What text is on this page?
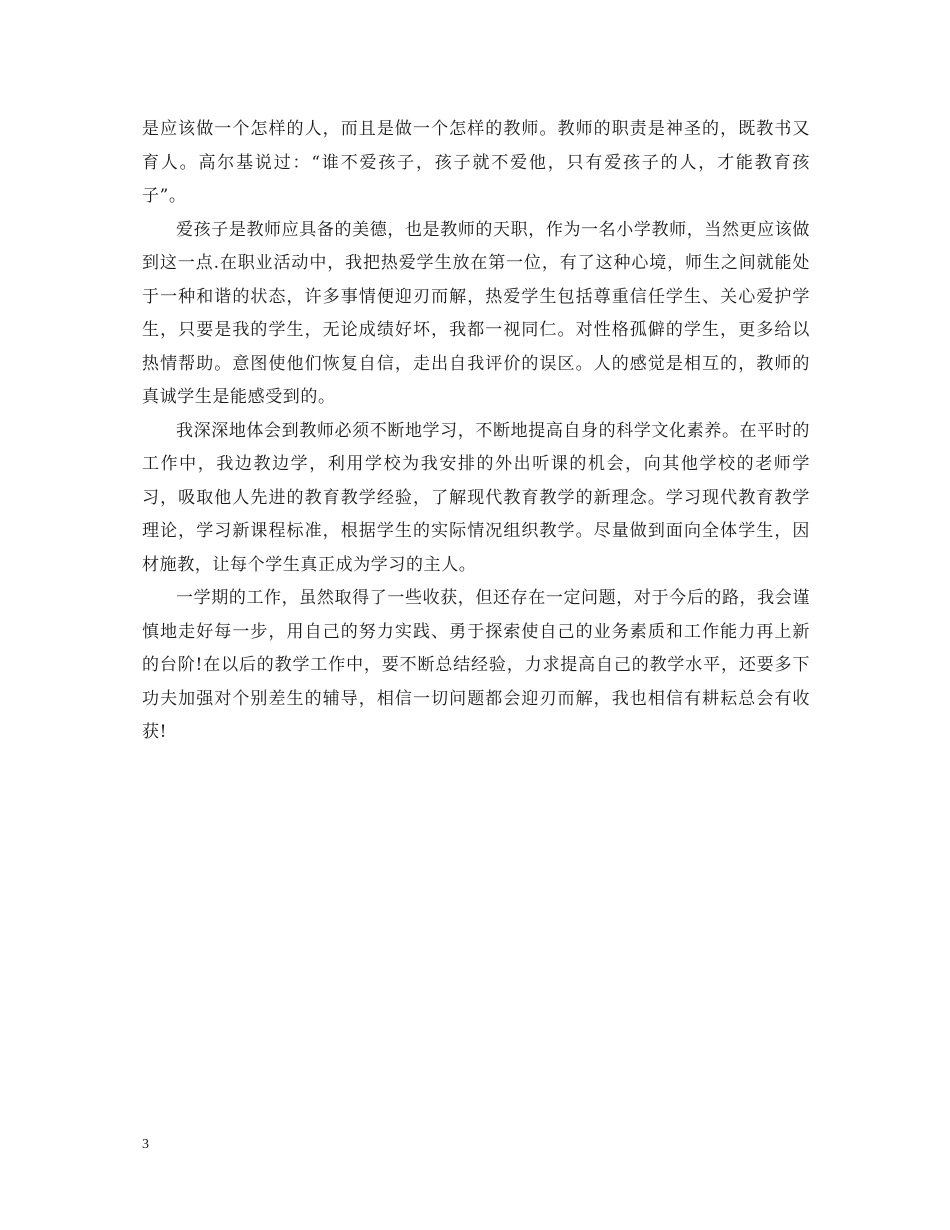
是应该做一个怎样的人，而且是做一个怎样的教师。教师的职责是神圣的，既教书又育人。高尔基说过：“谁不爱孩子，孩子就不爱他，只有爱孩子的人，才能教育孩子”。

爱孩子是教师应具备的美德，也是教师的天职，作为一名小学教师，当然更应该做到这一点.在职业活动中，我把热爱学生放在第一位，有了这种心境，师生之间就能处于一种和谐的状态，许多事情便迎刃而解，热爱学生包括尊重信任学生、关心爱护学生，只要是我的学生，无论成绩好坏，我都一视同仁。对性格孤僻的学生，更多给以热情帮助。意图使他们恢复自信，走出自我评价的误区。人的感觉是相互的，教师的真诚学生是能感受到的。

我深深地体会到教师必须不断地学习，不断地提高自身的科学文化素养。在平时的工作中，我边教边学，利用学校为我安排的外出听课的机会，向其他学校的老师学习，吸取他人先进的教育教学经验，了解现代教育教学的新理念。学习现代教育教学理论，学习新课程标准，根据学生的实际情况组织教学。尽量做到面向全体学生，因材施教，让每个学生真正成为学习的主人。

一学期的工作，虽然取得了一些收获，但还存在一定问题，对于今后的路，我会谨慎地走好每一步，用自己的努力实践、勇于探索使自己的业务素质和工作能力再上新的台阶!在以后的教学工作中，要不断总结经验，力求提高自己的教学水平，还要多下功夫加强对个别差生的辅导，相信一切问题都会迎刃而解，我也相信有耕耘总会有收获!

3
